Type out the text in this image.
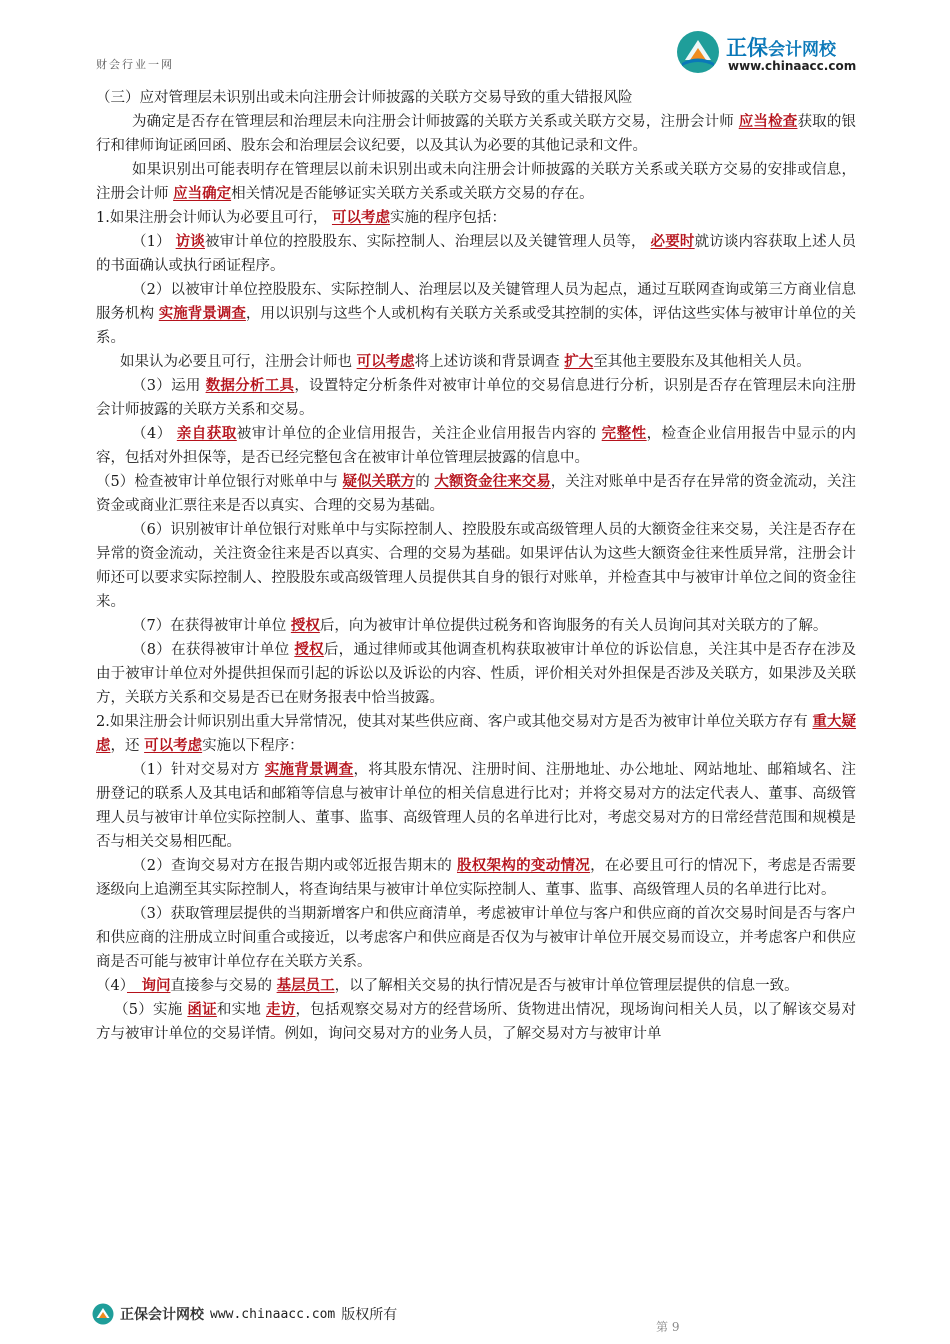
财会行业一网
正保会计网校
www.chinaacc.com

（三）应对管理层未识别出或未向注册会计师披露的关联方交易导致的重大错报风险

为确定是否存在管理层和治理层未向注册会计师披露的关联方关系或关联方交易，注册会计师 应当检查获取的银行和律师询证函回函、股东会和治理层会议纪要，以及其认为必要的其他记录和文件。

如果识别出可能表明存在管理层以前未识别出或未向注册会计师披露的关联方关系或关联方交易的安排或信息，注册会计师 应当确定相关情况是否能够证实关联方关系或关联方交易的存在。

1.如果注册会计师认为必要且可行， 可以考虑实施的程序包括：

（1） 访谈被审计单位的控股股东、实际控制人、治理层以及关键管理人员等， 必要时就访谈内容获取上述人员的书面确认或执行函证程序。

（2）以被审计单位控股股东、实际控制人、治理层以及关键管理人员为起点，通过互联网查询或第三方商业信息服务机构 实施背景调查，用以识别与这些个人或机构有关联方关系或受其控制的实体，评估这些实体与被审计单位的关系。

如果认为必要且可行，注册会计师也 可以考虑将上述访谈和背景调查 扩大至其他主要股东及其他相关人员。

（3）运用 数据分析工具，设置特定分析条件对被审计单位的交易信息进行分析，识别是否存在管理层未向注册会计师披露的关联方关系和交易。

（4） 亲自获取被审计单位的企业信用报告，关注企业信用报告内容的 完整性，检查企业信用报告中显示的内容，包括对外担保等，是否已经完整包含在被审计单位管理层披露的信息中。

（5）检查被审计单位银行对账单中与 疑似关联方的 大额资金往来交易，关注对账单中是否存在异常的资金流动，关注资金或商业汇票往来是否以真实、合理的交易为基础。

（6）识别被审计单位银行对账单中与实际控制人、控股股东或高级管理人员的大额资金往来交易，关注是否存在异常的资金流动，关注资金往来是否以真实、合理的交易为基础。如果评估认为这些大额资金往来性质异常，注册会计师还可以要求实际控制人、控股股东或高级管理人员提供其自身的银行对账单，并检查其中与被审计单位之间的资金往来。

（7）在获得被审计单位 授权后，向为被审计单位提供过税务和咨询服务的有关人员询问其对关联方的了解。

（8）在获得被审计单位 授权后，通过律师或其他调查机构获取被审计单位的诉讼信息，关注其中是否存在涉及由于被审计单位对外提供担保而引起的诉讼以及诉讼的内容、性质，评价相关对外担保是否涉及关联方，如果涉及关联方，关联方关系和交易是否已在财务报表中恰当披露。

2.如果注册会计师识别出重大异常情况，使其对某些供应商、客户或其他交易对方是否为被审计单位关联方存有 重大疑虑，还 可以考虑实施以下程序：

（1）针对交易对方 实施背景调查，将其股东情况、注册时间、注册地址、办公地址、网站地址、邮箱域名、注册登记的联系人及其电话和邮箱等信息与被审计单位的相关信息进行比对；并将交易对方的法定代表人、董事、高级管理人员与被审计单位实际控制人、董事、监事、高级管理人员的名单进行比对，考虑交易对方的日常经营范围和规模是否与相关交易相匹配。

（2）查询交易对方在报告期内或邻近报告期末的 股权架构的变动情况，在必要且可行的情况下，考虑是否需要逐级向上追溯至其实际控制人，将查询结果与被审计单位实际控制人、董事、监事、高级管理人员的名单进行比对。

（3）获取管理层提供的当期新增客户和供应商清单，考虑被审计单位与客户和供应商的首次交易时间是否与客户和供应商的注册成立时间重合或接近，以考虑客户和供应商是否仅为与被审计单位开展交易而设立，并考虑客户和供应商是否可能与被审计单位存在关联方关系。

（4）　询问直接参与交易的 基层员工，以了解相关交易的执行情况是否与被审计单位管理层提供的信息一致。

（5）实施 函证和实地 走访，包括观察交易对方的经营场所、货物进出情况，现场询问相关人员，以了解该交易对方与被审计单位的交易详情。例如，询问交易对方的业务人员，了解交易对方与被审计单

正保会计网校 www.chinaacc.com 版权所有
第 9
